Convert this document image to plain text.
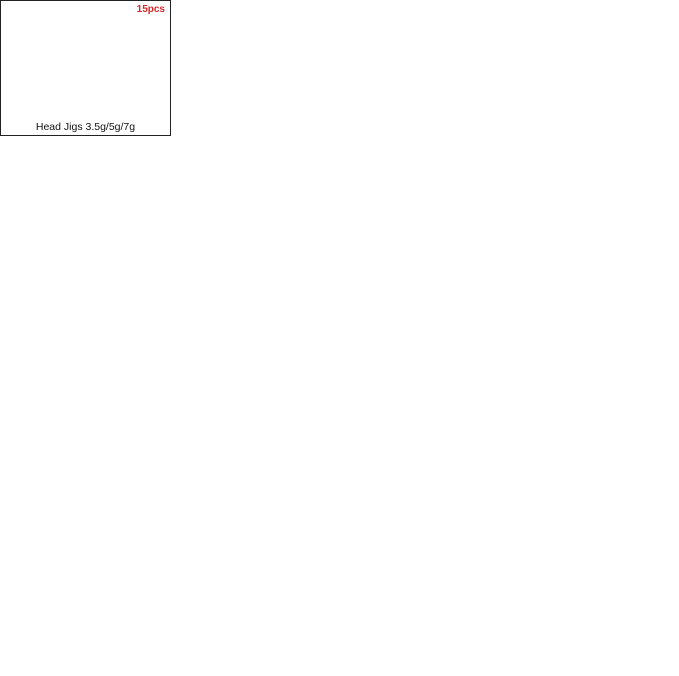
15pcs
Head Jigs 3.5g/5g/7g
